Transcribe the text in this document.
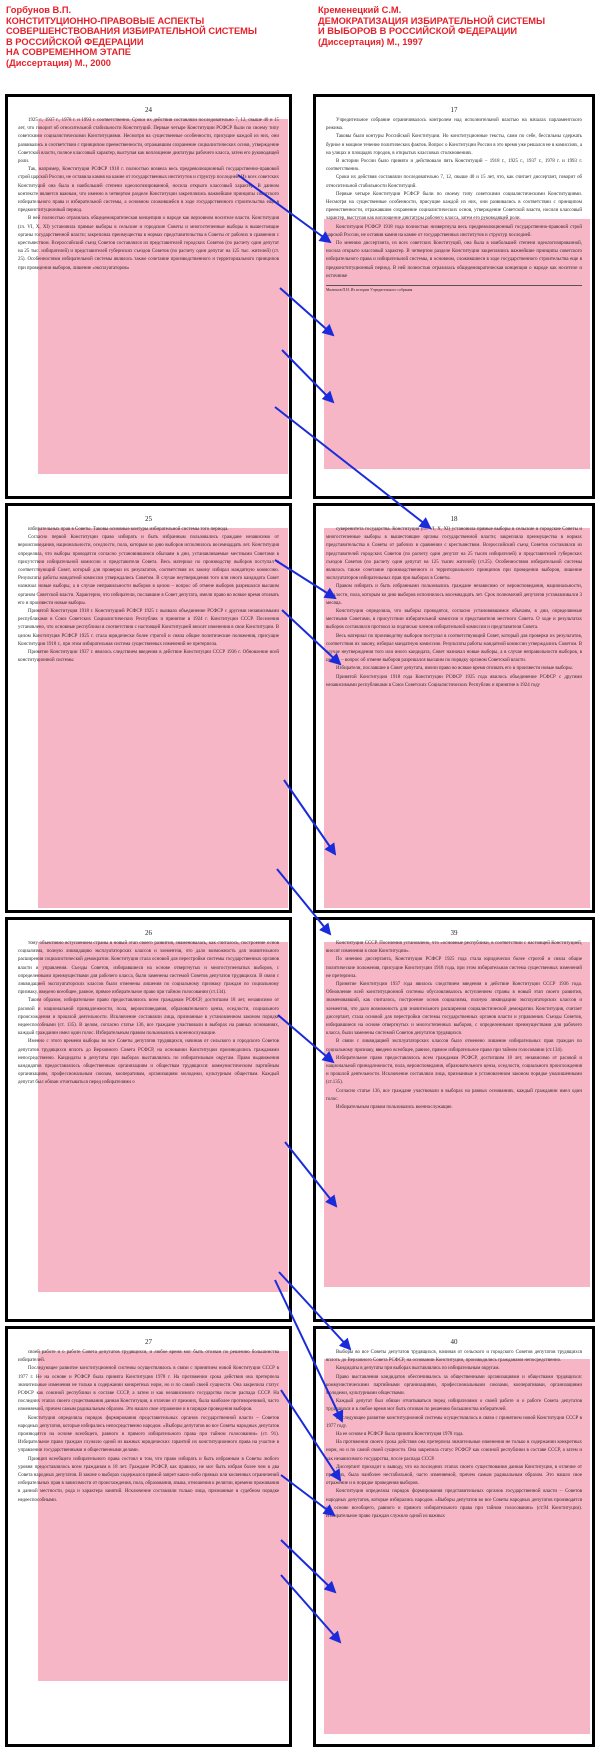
Горбунов В.П.
КОНСТИТУЦИОННО-ПРАВОВЫЕ АСПЕКТЫ
СОВЕРШЕНСТВОВАНИЯ ИЗБИРАТЕЛЬНОЙ СИСТЕМЫ
В РОССИЙСКОЙ ФЕДЕРАЦИИ
НА СОВРЕМЕННОМ ЭТАПЕ
(Диссертация) М., 2000
Кременецкий С.М.
ДЕМОКРАТИЗАЦИЯ ИЗБИРАТЕЛЬНОЙ СИСТЕМЫ
И ВЫБОРОВ В РОССИЙСКОЙ ФЕДЕРАЦИИ
(Диссертация) М., 1997
24

1925 г., 1937 г., 1978 г. и 1993 г. соответственно. Сроки их действия составляли последовательно 7, 12, свыше 40 и 15 лет, что говорит об относительной стабильности Конституций. Первые четыре Конституции РСФСР были по своему типу советскими социалистическими Конституциями. Несмотря на существенные особенности, присущие каждой из них, они развивались в соответствии с принципом преемственности, отражавшим сохранение социалистических основ, утверждение Советской власти, полное классовый характер, выступая как воплощение диктатуры рабочего класса, затем его руководящей роли.

Так, например, Конституция РСФСР 1918 г. полностью возвела весь предреволюционный государственно-правовой строй царской России, не оставила камня на камне от государственных институтов и структур последней. Из всех советских Конституций она была в наибольшей степени идеологизированной, носила открыто классовый характер. В данном контексте является важным, что именно в четвертом разделе Конституции закреплялись важнейшие принципы советского избирательного права и избирательной системы, а основном сложившейся в ходе государственного строительства еще в предконституционный период.

В ней полностью отразилась общедемократическая концепция о народе как верховном носителе власти. Конституция (гл. VI, X, XI) установила прямые выборы в сельские и городские Советы и многостепенные выборы в вышестоящие органы государственной власти; закрепляла преимущества в нормах представительства в Советы от рабочих в сравнении с крестьянством. Всероссийский съезд Советов составлялся из представителей городских Советов (по расчету один депутат на 25 тыс. избирателей) и представителей губернских съездов Советов (по расчету один депутат на 125 тыс. жителей) (ст. 25). Особенностями избирательной системы являлось также сочетание производственного и территориального принципов при проведении выборов, лишение «эксплуататоров»

25

избирательных прав в Советы. Таковы основные контуры избирательной системы того периода.

Согласно первой Конституции право избирать и быть избранным пользовались граждане независимо от вероисповедания, национальности, оседлости, пола, которым ко дню выборов исполнилось восемнадцать лет. Конституция определяла, что выборы проводятся согласно установившимся обычаям в дни, устанавливаемые местными Советами в присутствии избирательной комиссии и представителя Совета. Весь материал по производству выборов поступал в соответствующий Совет, который для проверки их результатов, соответствия их закону избирал мандатную комиссию. Результаты работы мандатной комиссии утверждались Советом. В случае неутверждения того или иного кандидата Совет назначал новые выборы, а в случае неправильности выборов в целом – вопрос об отмене выборов разрешался высшим органом Советской власти. Характерно, что избиратели, пославшие в Совет депутата, имели право во всякое время отозвать его и произвести новые выборы.

Принятой Конституция 1918 г. Конституцией РСФСР 1925 г. вызвало объединение РСФСР с другими независимыми республиками в Союз Советских Социалистических Республик и принятие в 1924 г. Конституции СССР. Поселения установлено, что основные республики в соответствии с настоящей Конституцией вносят изменения в свои Конституции. В целом Конституция РСФСР 1925 г. стала юридически более строгой и сняла общие политические положения, присущие Конституции 1918 г., при этом избирательная система существенных изменений не претерпела.

Принятие Конституции 1937 г. явилось следствием введения в действие Конституции СССР 1936 г. Обновление всей конституционной системы

26

тому объективно вступлением страны в новый этап своего развития, знаменовалась, как считалось, построение основ социализма, полную ликвидацию эксплуататорских классов и элементов, что дало возможность для значительного расширения социалистической демократии. Конституция стала основой для перестройки системы государственных органов власти и управления. Съезды Советов, избиравшиеся на основе отвергнутых и многоступенчатых выборов, с определенными преимуществами для рабочего класса, были заменены системой Советов депутатов трудящихся. В связи с ликвидацией эксплуататорских классов были отменены лишения по социальному признаку граждан по социальному признаку, введено всеобщее, равное, прямое избирательное право при тайном голосовании (ст.134).

Таким образом, избирательное право предоставлялось всем гражданам РСФСР, достигшим 18 лет, независимо от расовой и национальной принадлежности, пола, вероисповедания, образовательного ценза, оседлости, социального происхождения и прошлой деятельности. Исключение составляли лица, признанные в установленном законом порядке недееспособными (ст. 135). В целом, согласно статье 136, все граждане участвовали в выборах на равных основаниях, каждый гражданин имел один голос. Избирательным правом пользовались в военнослужащие.

Именно с этого времени выборы во все Советы депутатов трудящихся, начиная от сельского и городского Советов депутатов трудящихся вплоть до Верховного Совета РСФСР, на основании Конституции производились гражданами непосредственно. Кандидаты в депутаты при выборах выставлялись по избирательным округам. Право выдвижения кандидатов предоставлялось общественным организациям и обществам трудящихся: коммунистическим партийным организациям, профессиональным союзам, кооперативам, организациям молодежи, культурным обществам. Каждый депутат был обязан отчитываться перед избирателями о

27

своей работе и о работе Совета депутатов трудящихся, и любое время мог быть отозван по решению большинства избирателей.

Последующее развитие конституционной системы осуществлялось в связи с принятием новой Конституции СССР в 1977 г. Не на основе и РСФСР была принята Конституция 1978 г. На протяжении срока действия она претерпела значительные изменения не только в содержании конкретных норм, но и по самой своей сущности. Она закрепила статус РСФСР как союзной республики в составе СССР, а затем и как независимого государства после распада СССР. На последних этапах своего существования данная Конституция, в отличие от прежних, была наиболее противоречивой, часто изменяемой, причем самым радикальным образом. Это нашло свое отражение и в порядке проведения выборов.

Конституция определяла порядок формирования представительных органов государственной власти – Советов народных депутатов, которые избирались непосредственно народом. «Выборы депутатов во все Советы народных депутатов производятся на основе всеобщего, равного и прямого избирательного права при тайном голосовании» (ст. 91). Избирательное право граждан служило одной из важных юридических гарантий их конституционного права на участие в управлении государственными и общественными делами.

Принцип всеобщего избирательного права состоял в том, что право избирать и быть избранным в Советы любого уровня предоставлялось всем гражданам в 18 лет. Граждане РСФСР, как правило, не мог быть избран более чем в два Совета народных депутатов. В законе о выборах содержался прямой запрет каких-либо прямых или косвенных ограничений избирательных прав в зависимости от происхождения, пола, образования, языка, отношения к религии, времени проживания в данной местности, рода и характера занятий. Исключение составляли только лица, признанные в судебном порядке недееспособными.

17

Учредительное собрание ограничивалось контролем над исполнительной властью на началах парламентского режима.

Таковы были контуры Российской Конституции. Но конституционные тексты, сами по себе, бессильны сдержать бурное и мощное течение политических фактов. Вопрос о Конституции России в это время уже решался не в комиссиях, а на улицах и площадях городов, в открытых классовых столкновениях.

В истории России было принято и действовало пять Конституций – 1918 г., 1925 г., 1937 г., 1978 г. и 1993 г. соответственно.

Сроки их действия составляли последовательно 7, 12, свыше 40 и 15 лет, что, как считает диссертант, говорит об относительной стабильности Конституций.

Первые четыре Конституции РСФСР были по своему типу советскими социалистическими Конституциями. Несмотря на существенные особенности, присущие каждой из них, они развивались в соответствии с принципом преемственности, отражавшим сохранение социалистических основ, утверждение Советской власти, носили классовый характер, выступая как воплощение диктатуры рабочего класса, затем его руководящей роли.

Конституция РСФСР 1918 года полностью низвергнула весь предреволюционный государственно-правовой строй царской России, не оставив камня на камне от государственных институтов и структур последней.

По мнению диссертанта, из всех советских Конституций, она была в наибольшей степени идеологизированной, носила открыто классовый характер. В четвертом разделе Конституции закреплялись важнейшие принципы советского избирательного права и избирательной системы, в основном, сложившиеся в ходе государственного строительства еще в предконституционный период. В ней полностью отразилась общедемократическая концепция о народе как носителе и источнике

Милюков П.Н. Из истории Учредительного собрания
18

суверенитета государства. Конституция (гл. VI, X, XI) установила прямые выборы в сельские и городские Советы и многостепенные выборы в вышестоящие органы государственной власти; закрепляла преимущества в нормах представительства в Советы от рабочих в сравнении с крестьянством. Всероссийский съезд Советов составлялся из представителей городских Советов (по расчету один депутат на 25 тысяч избирателей) и представителей губернских съездов Советов (по расчету один депутат на 125 тысяч жителей) (ст.25). Особенностями избирательной системы являлось также сочетание производственного и территориального принципов при проведении выборов, лишение эксплуататоров избирательных прав при выборах в Советы.

Правом избирать и быть избранными пользовались граждане независимо от вероисповедания, национальности, оседлости, пола, которым ко дню выборов исполнилось восемнадцать лет. Срок полномочий депутатов устанавливался 3 месяца.

Конституция определяла, что выборы проводятся, согласно установившимся обычаям, в дни, определяемые местными Советами, в присутствии избирательной комиссии и представителя местного Совета. О ходе и результатах выборов составлялся протокол за подписью членов избирательной комиссии и представителя Совета.

Весь материал по производству выборов поступал в соответствующий Совет, который для проверки их результатов, соответствия их закону, избирал мандатную комиссию. Результаты работы мандатной комиссии утверждались Советом. В случае неутверждения того или иного кандидата, Совет назначал новые выборы, а в случае неправильности выборов, в целом, – вопрос об отмене выборов разрешался высшим по порядку органом Советской власти.

Избиратели, пославшие в Совет депутата, имели право во всякое время отозвать его и произвести новые выборы.

Принятой Конституции 1918 года Конституции РСФСР 1925 года явилось объединение РСФСР с другими независимыми республиками в Союз Советских Социалистических Республик и принятие в 1924 году

39

Конституции СССР. Поселения установлено, что «основные республики, в соответствии с настоящей Конституцией, вносят изменения в свои Конституции».

По мнению диссертанта, Конституция РСФСР 1925 года стала юридически более строгой и сняла общие политические положения, присущие Конституции 1918 года, при этом избирательная система существенных изменений не претерпела.

Принятие Конституции 1937 года явилось следствием введения в действие Конституции СССР 1936 года. Обновление всей конституционной системы обусловливалось вступлением страны в новый этап своего развития, знаменовавший, как считалось, построение основ социализма, полную ликвидацию эксплуататорских классов и элементов, что дало возможность для значительного расширения социалистической демократии. Конституция, считает диссертант, стала основой для перестройки системы государственных органов власти и управления. Съезды Советов, избиравшиеся на основе отвергнутых и многостепенных выборов, с определенными преимуществами для рабочего класса, были заменены системой Советов депутатов трудящихся.

В связи с ликвидацией эксплуататорских классов было отменено лишение избирательных прав граждан по социальному признаку, введено всеобщее, равное, прямое избирательное право при тайном голосовании (ст.134).

Избирательное право предоставлялось всем гражданам РСФСР, достигшим 18 лет, независимо от расовой и национальной принадлежности, пола, вероисповедания, образовательного ценза, оседлости, социального происхождения и прошлой деятельности. Исключение составляли лица, признанные в установленном законом порядке умалишенными (ст.135).

Согласно статье 136, все граждане участвовали в выборах на равных основаниях, каждый гражданин имел один голос.

Избирательным правом пользовались военнослужащие.

40

Выборы во все Советы депутатов трудящихся, начиная от сельского и городского Советов депутатов трудящихся вплоть до Верховного Совета РСФСР, на основании Конституции, производились гражданами непосредственно.

Кандидаты в депутаты при выборах выставлялись по избирательным округам.

Право выставления кандидатов обеспечивалось за общественными организациями и обществами трудящихся: коммунистическими партийными организациями, профессиональными союзами, кооперативами, организациями молодежи, культурными обществами.

Каждый депутат был обязан отчитываться перед избирателями о своей работе и о работе Совета депутатов трудящихся и в любое время мог быть отозван по решению большинства избирателей.

Последующее развитие конституционной системы осуществлялось в связи с принятием новой Конституции СССР в 1977 году.

На ее основе в РСФСР была принята Конституция 1978 года.

На протяжении своего срока действия она претерпела значительные изменения не только в содержании конкретных норм, но и по самой своей сущности. Она закрепила статус РСФСР как союзной республики в составе СССР, а затем и как независимого государства, после распада СССР.

Диссертант приходит к выводу, что на последних этапах своего существования данная Конституция, в отличие от прежних, была наиболее нестабильной, часто изменяемой, причем самым радикальным образом. Это нашло свое отражение и в порядке проведения выборов.

Конституция определяла порядок формирования представительных органов государственной власти – Советов народных депутатов, которые избирались народом. «Выборы депутатов во все Советы народных депутатов производятся на основе всеобщего, равного и прямого избирательного права при тайном голосовании» (ст.94 Конституции). Избирательное право граждан служило одной из важных
